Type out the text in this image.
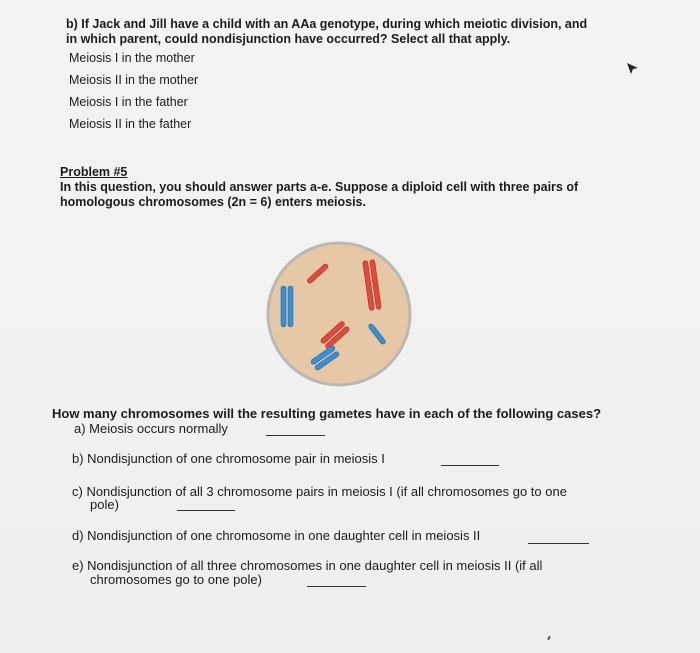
b) If Jack and Jill have a child with an AAa genotype, during which meiotic division, and
in which parent, could nondisjunction have occurred? Select all that apply.
Meiosis I in the mother
Meiosis II in the mother
Meiosis I in the father
Meiosis II in the father
Problem #5
In this question, you should answer parts a-e. Suppose a diploid cell with three pairs of
homologous chromosomes (2n = 6) enters meiosis.
How many chromosomes will the resulting gametes have in each of the following cases?
a) Meiosis occurs normally
b) Nondisjunction of one chromosome pair in meiosis I
c) Nondisjunction of all 3 chromosome pairs in meiosis I (if all chromosomes go to one
pole)
d) Nondisjunction of one chromosome in one daughter cell in meiosis II
e) Nondisjunction of all three chromosomes in one daughter cell in meiosis II (if all
chromosomes go to one pole)
